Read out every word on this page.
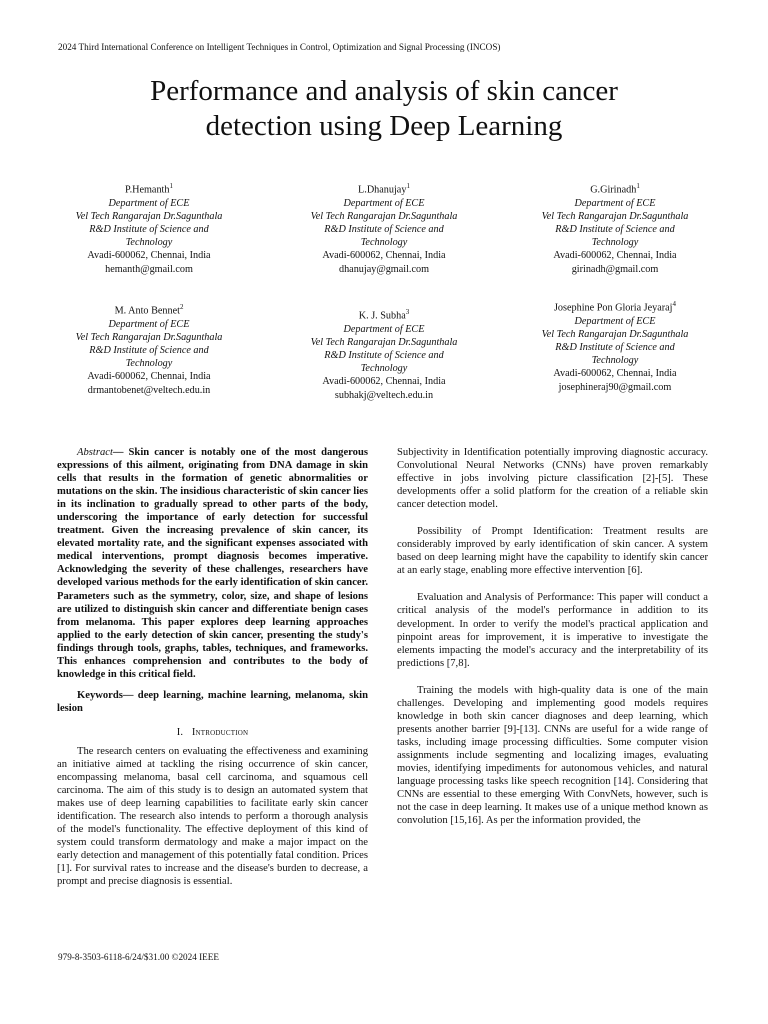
2024 Third International Conference on Intelligent Techniques in Control, Optimization and Signal Processing (INCOS)
Performance and analysis of skin cancer
detection using Deep Learning
P.Hemanth$^1$
Department of ECE
Vel Tech Rangarajan Dr.Sagunthala
R&D Institute of Science and
Technology
Avadi-600062, Chennai, India
hemanth@gmail.com
L.Dhanujay$^1$
Department of ECE
Vel Tech Rangarajan Dr.Sagunthala
R&D Institute of Science and
Technology
Avadi-600062, Chennai, India
dhanujay@gmail.com
G.Girinadh$^1$
Department of ECE
Vel Tech Rangarajan Dr.Sagunthala
R&D Institute of Science and
Technology
Avadi-600062, Chennai, India
girinadh@gmail.com
M. Anto Bennet$^2$
Department of ECE
Vel Tech Rangarajan Dr.Sagunthala
R&D Institute of Science and
Technology
Avadi-600062, Chennai, India
drmantobenet@veltech.edu.in
K. J. Subha$^3$
Department of ECE
Vel Tech Rangarajan Dr.Sagunthala
R&D Institute of Science and
Technology
Avadi-600062, Chennai, India
subhakj@veltech.edu.in
Josephine Pon Gloria Jeyaraj$^4$
Department of ECE
Vel Tech Rangarajan Dr.Sagunthala
R&D Institute of Science and
Technology
Avadi-600062, Chennai, India
josephineraj90@gmail.com

Abstract— Skin cancer is notably one of the most dangerous expressions of this ailment, originating from DNA damage in skin cells that results in the formation of genetic abnormalities or mutations on the skin. The insidious characteristic of skin cancer lies in its inclination to gradually spread to other parts of the body, underscoring the importance of early detection for successful treatment. Given the increasing prevalence of skin cancer, its elevated mortality rate, and the significant expenses associated with medical interventions, prompt diagnosis becomes imperative. Acknowledging the severity of these challenges, researchers have developed various methods for the early identification of skin cancer. Parameters such as the symmetry, color, size, and shape of lesions are utilized to distinguish skin cancer and differentiate benign cases from melanoma. This paper explores deep learning approaches applied to the early detection of skin cancer, presenting the study's findings through tools, graphs, tables, techniques, and frameworks. This enhances comprehension and contributes to the body of knowledge in this critical field.

Keywords— deep learning, machine learning, melanoma, skin lesion

I. Introduction

The research centers on evaluating the effectiveness and examining an initiative aimed at tackling the rising occurrence of skin cancer, encompassing melanoma, basal cell carcinoma, and squamous cell carcinoma. The aim of this study is to design an automated system that makes use of deep learning capabilities to facilitate early skin cancer identification. The research also intends to perform a thorough analysis of the model's functionality. The effective deployment of this kind of system could transform dermatology and make a major impact on the early detection and management of this potentially fatal condition. Prices [1]. For survival rates to increase and the disease's burden to decrease, a prompt and precise diagnosis is essential.

Subjectivity in Identification potentially improving diagnostic accuracy. Convolutional Neural Networks (CNNs) have proven remarkably effective in jobs involving picture classification [2]-[5]. These developments offer a solid platform for the creation of a reliable skin cancer detection model.

Possibility of Prompt Identification: Treatment results are considerably improved by early identification of skin cancer. A system based on deep learning might have the capability to identify skin cancer at an early stage, enabling more effective intervention [6].

Evaluation and Analysis of Performance: This paper will conduct a critical analysis of the model's performance in addition to its development. In order to verify the model's practical application and pinpoint areas for improvement, it is imperative to investigate the elements impacting the model's accuracy and the interpretability of its predictions [7,8].

Training the models with high-quality data is one of the main challenges. Developing and implementing good models requires knowledge in both skin cancer diagnoses and deep learning, which presents another barrier [9]-[13]. CNNs are useful for a wide range of tasks, including image processing difficulties. Some computer vision assignments include segmenting and localizing images, evaluating movies, identifying impediments for autonomous vehicles, and natural language processing tasks like speech recognition [14]. Considering that CNNs are essential to these emerging With ConvNets, however, such is not the case in deep learning. It makes use of a unique method known as convolution [15,16]. As per the information provided, the

979-8-3503-6118-6/24/$31.00 ©2024 IEEE
